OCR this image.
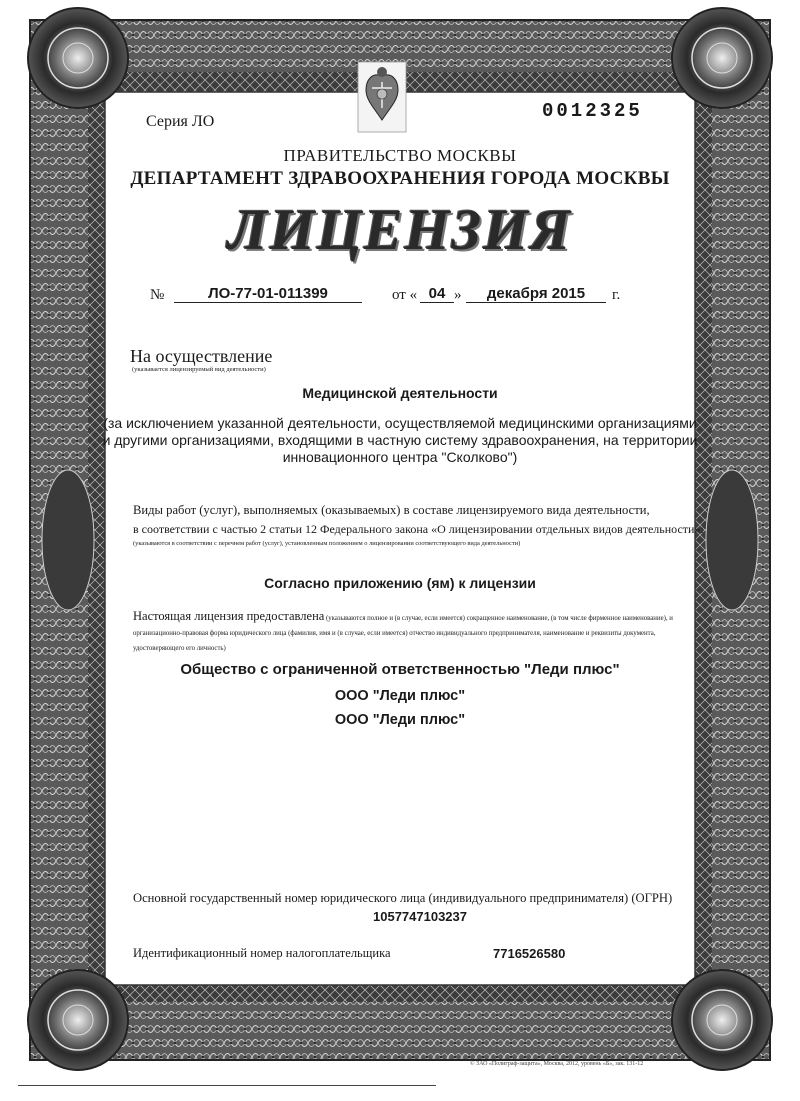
Серия ЛО	0012325
ПРАВИТЕЛЬСТВО МОСКВЫ
ДЕПАРТАМЕНТ ЗДРАВООХРАНЕНИЯ ГОРОДА МОСКВЫ
ЛИЦЕНЗИЯ
№	ЛО-77-01-011399	от « 04 »	декабря 2015	г.
На осуществление
(указывается лицензируемый вид деятельности)
Медицинской деятельности
(за исключением указанной деятельности, осуществляемой медицинскими организациями и другими организациями, входящими в частную систему здравоохранения, на территории инновационного центра "Сколково")
Виды работ (услуг), выполняемых (оказываемых) в составе лицензируемого вида деятельности,
в соответствии с частью 2 статьи 12 Федерального закона «О лицензировании отдельных видов деятельности»:
(указываются в соответствии с перечнем работ (услуг), установленным положением о лицензировании соответствующего вида деятельности)
Согласно приложению (ям) к лицензии
Настоящая лицензия предоставлена (указываются полное и (в случае, если имеется) сокращенное наименование, (в том числе фирменное наименование), и организационно-правовая форма юридического лица (фамилия, имя и (в случае, если имеется) отчество индивидуального предпринимателя, наименование и реквизиты документа, удостоверяющего его личность)
Общество с ограниченной ответственностью "Леди плюс"
ООО "Леди плюс"
ООО "Леди плюс"
Основной государственный номер юридического лица (индивидуального предпринимателя) (ОГРН)
1057747103237
Идентификационный номер налогоплательщика	7716526580
© ЗАО «Полиграф-защита», Москва, 2012, уровень «Б», зак. 131-12
